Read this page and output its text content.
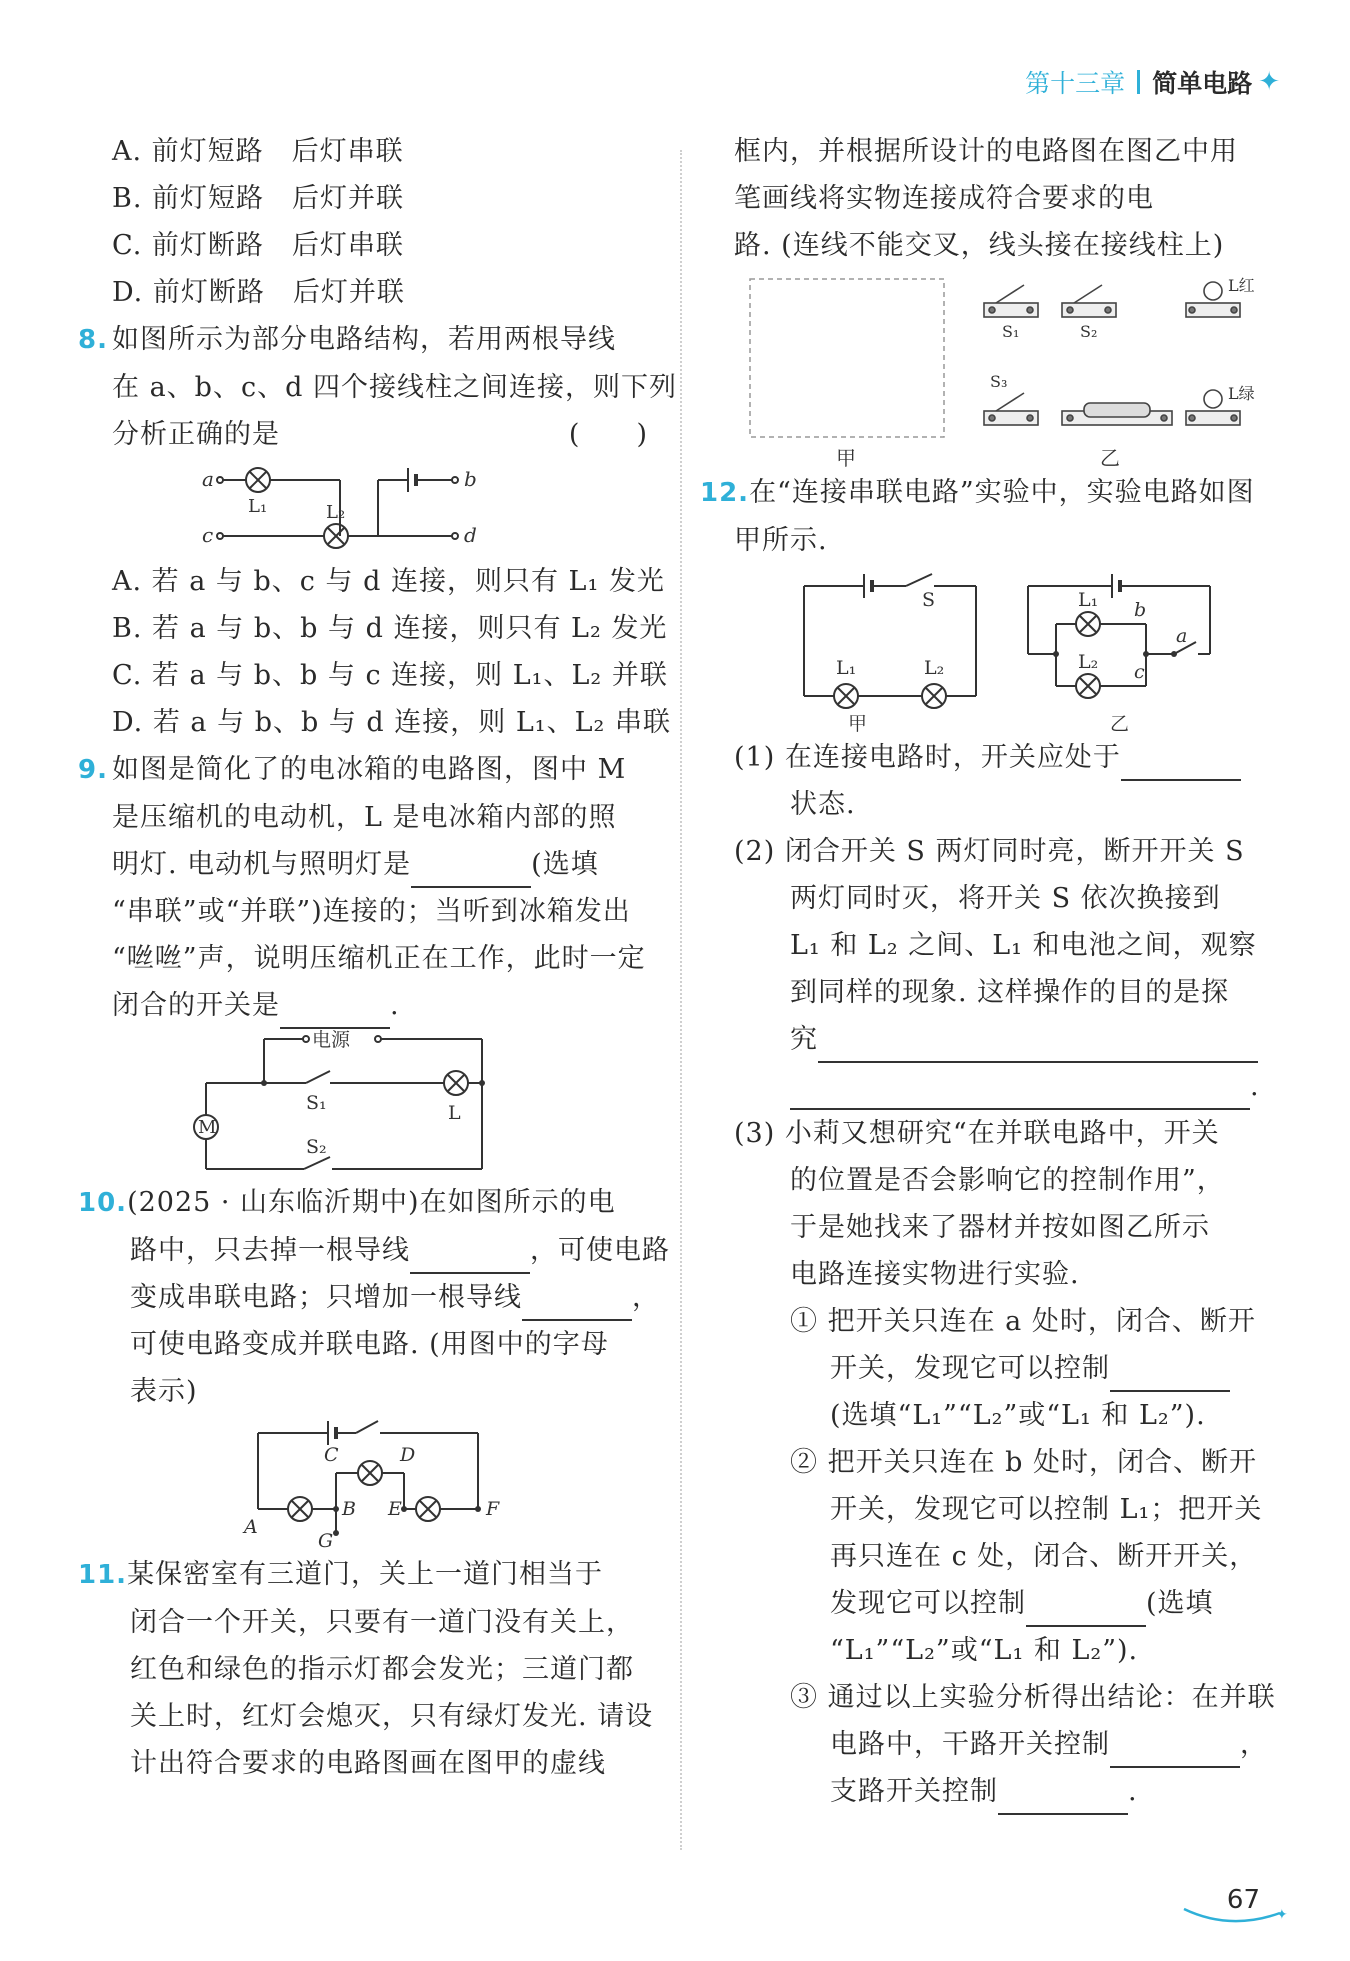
第十三章 简单电路 ✦
A. 前灯短路　后灯串联
B. 前灯短路　后灯并联
C. 前灯断路　后灯串联
D. 前灯断路　后灯并联
8. 如图所示为部分电路结构，若用两根导线
在 a、b、c、d 四个接线柱之间连接，则下列
分析正确的是	(　　)
a
c
b
d
L₁	L₂
A. 若 a 与 b、c 与 d 连接，则只有 L₁ 发光
B. 若 a 与 b、b 与 d 连接，则只有 L₂ 发光
C. 若 a 与 b、b 与 c 连接，则 L₁、L₂ 并联
D. 若 a 与 b、b 与 d 连接，则 L₁、L₂ 串联
9. 如图是简化了的电冰箱的电路图，图中 M
是压缩机的电动机，L 是电冰箱内部的照
明灯. 电动机与照明灯是	(选填
“串联”或“并联”)连接的；当听到冰箱发出
“咝咝”声，说明压缩机正在工作，此时一定
闭合的开关是	.
电源
S₁	L
S₂
M
10.(2025 · 山东临沂期中)在如图所示的电
路中，只去掉一根导线	，可使电路
变成串联电路；只增加一根导线	，
可使电路变成并联电路. (用图中的字母
表示)
A
B
C	D
E	F
G
11.某保密室有三道门，关上一道门相当于
闭合一个开关，只要有一道门没有关上，
红色和绿色的指示灯都会发光；三道门都
关上时，红灯会熄灭，只有绿灯发光. 请设
计出符合要求的电路图画在图甲的虚线
框内，并根据所设计的电路图在图乙中用
笔画线将实物连接成符合要求的电
路. (连线不能交叉，线头接在接线柱上)
甲
S₁	S₂
S₃
L红
L绿
乙
12.在“连接串联电路”实验中，实验电路如图
甲所示.
S
L₁	L₂
L₁
L₂
甲	乙
a
b
c
(1) 在连接电路时，开关应处于
状态.
(2) 闭合开关 S 两灯同时亮，断开开关 S
两灯同时灭，将开关 S 依次换接到
L₁ 和 L₂ 之间、L₁ 和电池之间，观察
到同样的现象. 这样操作的目的是探
究
.
(3) 小莉又想研究“在并联电路中，开关
的位置是否会影响它的控制作用”，
于是她找来了器材并按如图乙所示
电路连接实物进行实验.
① 把开关只连在 a 处时，闭合、断开
开关，发现它可以控制
(选填“L₁”“L₂”或“L₁ 和 L₂”).
② 把开关只连在 b 处时，闭合、断开
开关，发现它可以控制 L₁；把开关
再只连在 c 处，闭合、断开开关，
发现它可以控制	(选填
“L₁”“L₂”或“L₁ 和 L₂”).
③ 通过以上实验分析得出结论：在并联
电路中，干路开关控制	，
支路开关控制	.
67 ✦
